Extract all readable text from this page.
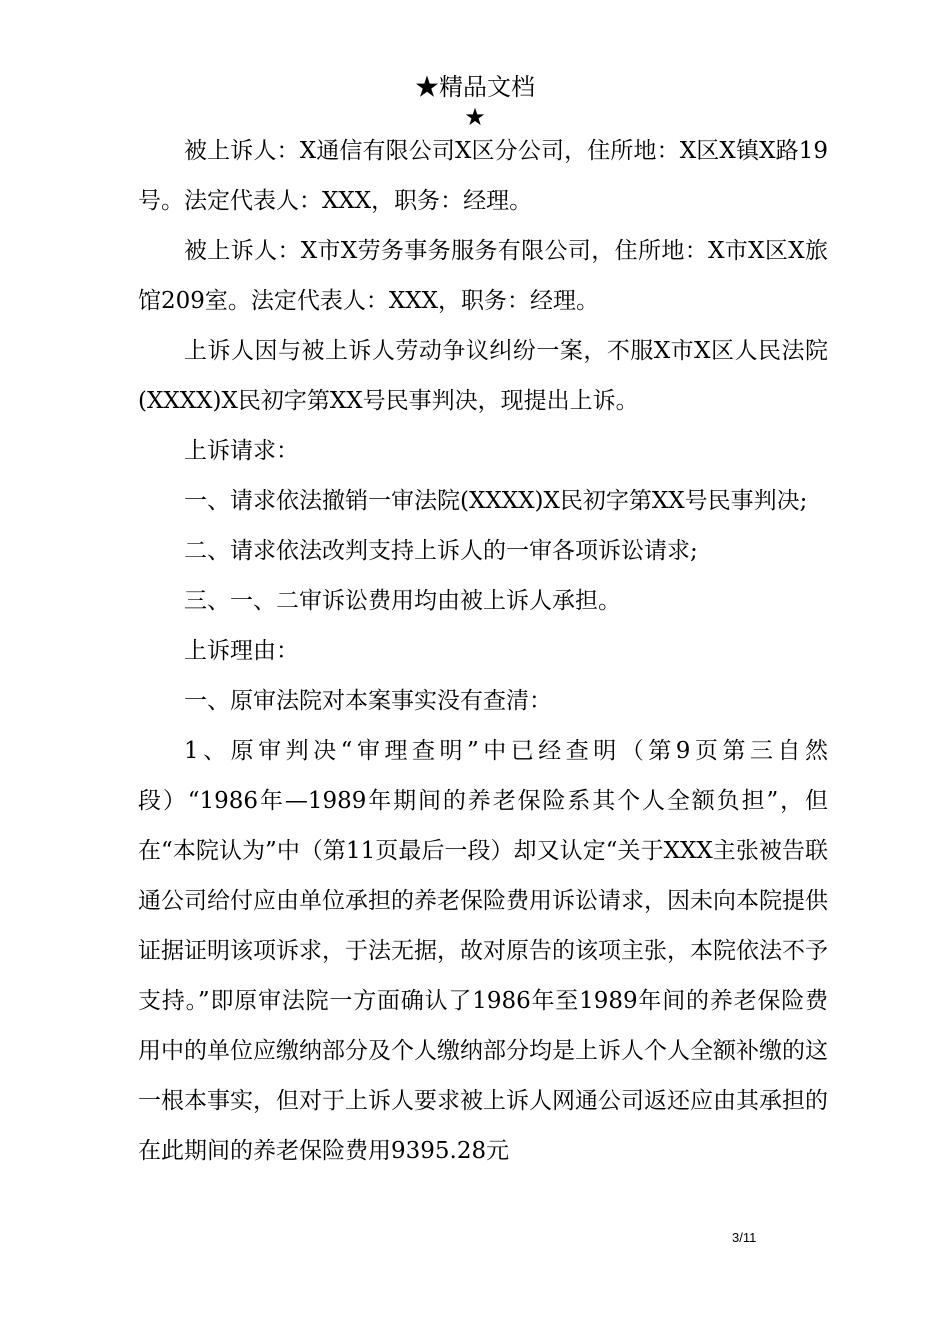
★精品文档
★

被上诉人：X通信有限公司X区分公司，住所地：X区X镇X路19号。法定代表人：XXX，职务：经理。

被上诉人：X市X劳务事务服务有限公司，住所地：X市X区X旅馆209室。法定代表人：XXX，职务：经理。

上诉人因与被上诉人劳动争议纠纷一案，不服X市X区人民法院(XXXX)X民初字第XX号民事判决，现提出上诉。

上诉请求：

一、请求依法撤销一审法院(XXXX)X民初字第XX号民事判决;

二、请求依法改判支持上诉人的一审各项诉讼请求;

三、一、二审诉讼费用均由被上诉人承担。

上诉理由：

一、原审法院对本案事实没有查清：

1、原审判决“审理查明”中已经查明（第9页第三自然段）“1986年—1989年期间的养老保险系其个人全额负担”，但在“本院认为”中（第11页最后一段）却又认定“关于XXX主张被告联通公司给付应由单位承担的养老保险费用诉讼请求，因未向本院提供证据证明该项诉求，于法无据，故对原告的该项主张，本院依法不予支持。”即原审法院一方面确认了1986年至1989年间的养老保险费用中的单位应缴纳部分及个人缴纳部分均是上诉人个人全额补缴的这一根本事实，但对于上诉人要求被上诉人网通公司返还应由其承担的在此期间的养老保险费用9395.28元

3/11
